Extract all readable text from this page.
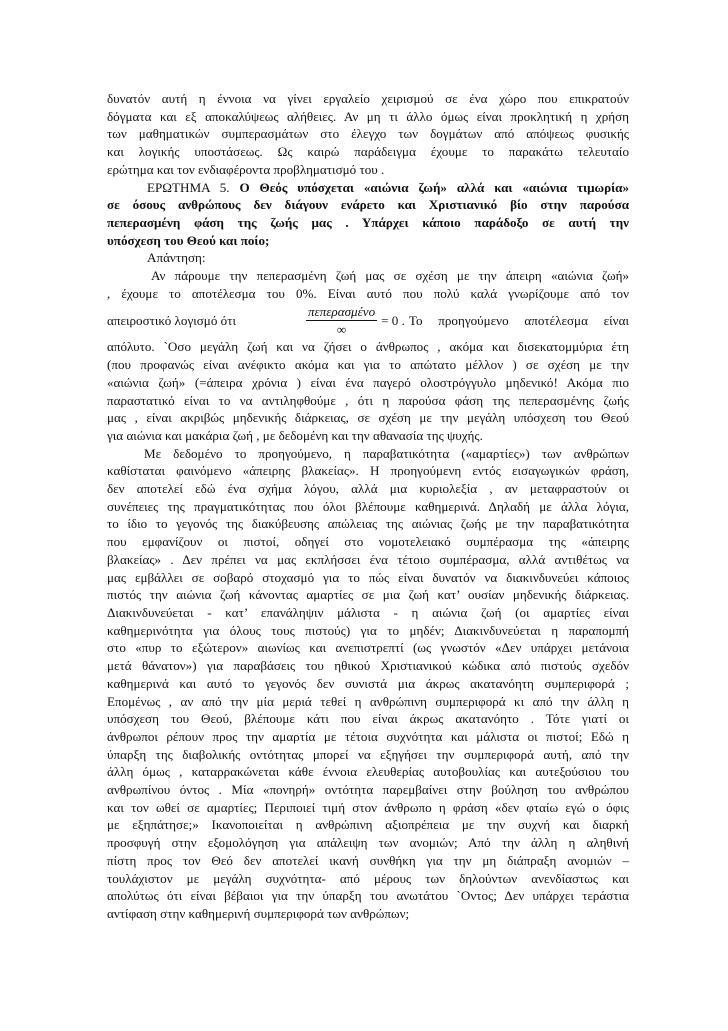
δυνατόν αυτή η έννοια να γίνει εργαλείο χειρισμού σε ένα χώρο που επικρατούν
δόγματα και εξ αποκαλύψεως αλήθειες. Αν μη τι άλλο όμως είναι προκλητική η χρήση
των μαθηματικών συμπερασμάτων στο έλεγχο των δογμάτων από απόψεως φυσικής
και λογικής υποστάσεως. Ως καιρώ παράδειγμα έχουμε το παρακάτω τελευταίο
ερώτημα και τον ενδιαφέροντα προβληματισμό του .
ΕΡΩΤΗΜΑ 5. Ο Θεός υπόσχεται «αιώνια ζωή» αλλά και «αιώνια τιμωρία»
σε όσους ανθρώπους δεν διάγουν ενάρετο και Χριστιανικό βίο στην παρούσα
πεπερασμένη φάση της ζωής μας . Υπάρχει κάποιο παράδοξο σε αυτή την
υπόσχεση του Θεού και ποίο;
Απάντηση:
Αν πάρουμε την πεπερασμένη ζωή μας σε σχέση με την άπειρη «αιώνια ζωή»
, έχουμε το αποτέλεσμα του 0%. Είναι αυτό που πολύ καλά γνωρίζουμε από τον
απειροστικό λογισμό ότι	$\frac{\text{πεπερασμένο}}{\infty} = 0$ . Το προηγούμενο αποτέλεσμα είναι
απόλυτο. `Οσο μεγάλη ζωή και να ζήσει ο άνθρωπος , ακόμα και δισεκατομμύρια έτη
(που προφανώς είναι ανέφικτο ακόμα και για το απώτατο μέλλον ) σε σχέση με την
«αιώνια ζωή» (=άπειρα χρόνια ) είναι ένα παγερό ολοστρόγγυλο μηδενικό! Ακόμα πιο
παραστατικό είναι το να αντιληφθούμε , ότι η παρούσα φάση της πεπερασμένης ζωής
μας , είναι ακριβώς μηδενικής διάρκειας, σε σχέση με την μεγάλη υπόσχεση του Θεού
για αιώνια και μακάρια ζωή , με δεδομένη και την αθανασία της ψυχής.
Με δεδομένο το προηγούμενο, η παραβατικότητα («αμαρτίες») των ανθρώπων
καθίσταται φαινόμενο «άπειρης βλακείας». Η προηγούμενη εντός εισαγωγικών φράση,
δεν αποτελεί εδώ ένα σχήμα λόγου, αλλά μια κυριολεξία , αν μεταφραστούν οι
συνέπειες της πραγματικότητας που όλοι βλέπουμε καθημερινά. Δηλαδή με άλλα λόγια,
το ίδιο το γεγονός της διακύβευσης απώλειας της αιώνιας ζωής με την παραβατικότητα
που εμφανίζουν οι πιστοί, οδηγεί στο νομοτελειακό συμπέρασμα της «άπειρης
βλακείας» . Δεν πρέπει να μας εκπλήσσει ένα τέτοιο συμπέρασμα, αλλά αντιθέτως να
μας εμβάλλει σε σοβαρό στοχασμό για το πώς είναι δυνατόν να διακινδυνεύει κάποιος
πιστός την αιώνια ζωή κάνοντας αμαρτίες σε μια ζωή κατ’ ουσίαν μηδενικής διάρκειας.
Διακινδυνεύεται - κατ’ επανάληψιν μάλιστα - η αιώνια ζωή (οι αμαρτίες είναι
καθημερινότητα για όλους τους πιστούς) για το μηδέν; Διακινδυνεύεται η παραπομπή
στο «πυρ το εξώτερον» αιωνίως και ανεπιστρεπτί (ως γνωστόν «Δεν υπάρχει μετάνοια
μετά θάνατον») για παραβάσεις του ηθικού Χριστιανικού κώδικα από πιστούς σχεδόν
καθημερινά και αυτό το γεγονός δεν συνιστά μια άκρως ακατανόητη συμπεριφορά ;
Επομένως , αν από την μία μεριά τεθεί η ανθρώπινη συμπεριφορά κι από την άλλη η
υπόσχεση του Θεού, βλέπουμε κάτι που είναι άκρως ακατανόητο . Τότε γιατί οι
άνθρωποι ρέπουν προς την αμαρτία με τέτοια συχνότητα και μάλιστα οι πιστοί; Εδώ η
ύπαρξη της διαβολικής οντότητας μπορεί να εξηγήσει την συμπεριφορά αυτή, από την
άλλη όμως , καταρρακώνεται κάθε έννοια ελευθερίας αυτοβουλίας και αυτεξούσιου του
ανθρωπίνου όντος . Μία «πονηρή» οντότητα παρεμβαίνει στην βούληση του ανθρώπου
και τον ωθεί σε αμαρτίες; Περιποιεί τιμή στον άνθρωπο η φράση «δεν φταίω εγώ ο όφις
με εξηπάτησε;» Ικανοποιείται η ανθρώπινη αξιοπρέπεια με την συχνή και διαρκή
προσφυγή στην εξομολόγηση για απάλειψη των ανομιών; Από την άλλη η αληθινή
πίστη προς τον Θεό δεν αποτελεί ικανή συνθήκη για την μη διάπραξη ανομιών –
τουλάχιστον με μεγάλη συχνότητα- από μέρους των δηλούντων ανενδίαστως και
απολύτως ότι είναι βέβαιοι για την ύπαρξη του ανωτάτου `Οντος; Δεν υπάρχει τεράστια
αντίφαση στην καθημερινή συμπεριφορά των ανθρώπων;
